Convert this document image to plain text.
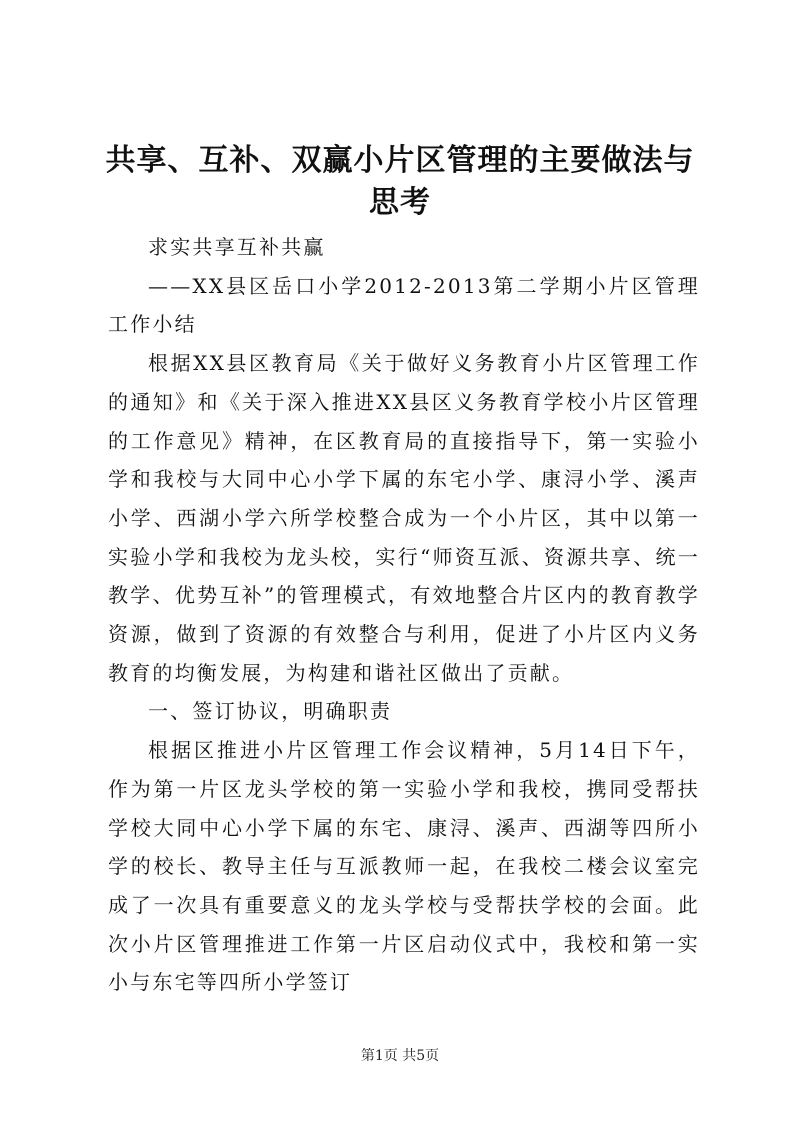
共享、互补、双赢小片区管理的主要做法与思考

求实共享互补共赢

——XX县区岳口小学2012-2013第二学期小片区管理工作小结

根据XX县区教育局《关于做好义务教育小片区管理工作的通知》和《关于深入推进XX县区义务教育学校小片区管理的工作意见》精神，在区教育局的直接指导下，第一实验小学和我校与大同中心小学下属的东宅小学、康浔小学、溪声小学、西湖小学六所学校整合成为一个小片区，其中以第一实验小学和我校为龙头校，实行“师资互派、资源共享、统一教学、优势互补”的管理模式，有效地整合片区内的教育教学资源，做到了资源的有效整合与利用，促进了小片区内义务教育的均衡发展，为构建和谐社区做出了贡献。

一、签订协议，明确职责

根据区推进小片区管理工作会议精神，5月14日下午，作为第一片区龙头学校的第一实验小学和我校，携同受帮扶学校大同中心小学下属的东宅、康浔、溪声、西湖等四所小学的校长、教导主任与互派教师一起，在我校二楼会议室完成了一次具有重要意义的龙头学校与受帮扶学校的会面。此次小片区管理推进工作第一片区启动仪式中，我校和第一实小与东宅等四所小学签订

第1页 共5页
